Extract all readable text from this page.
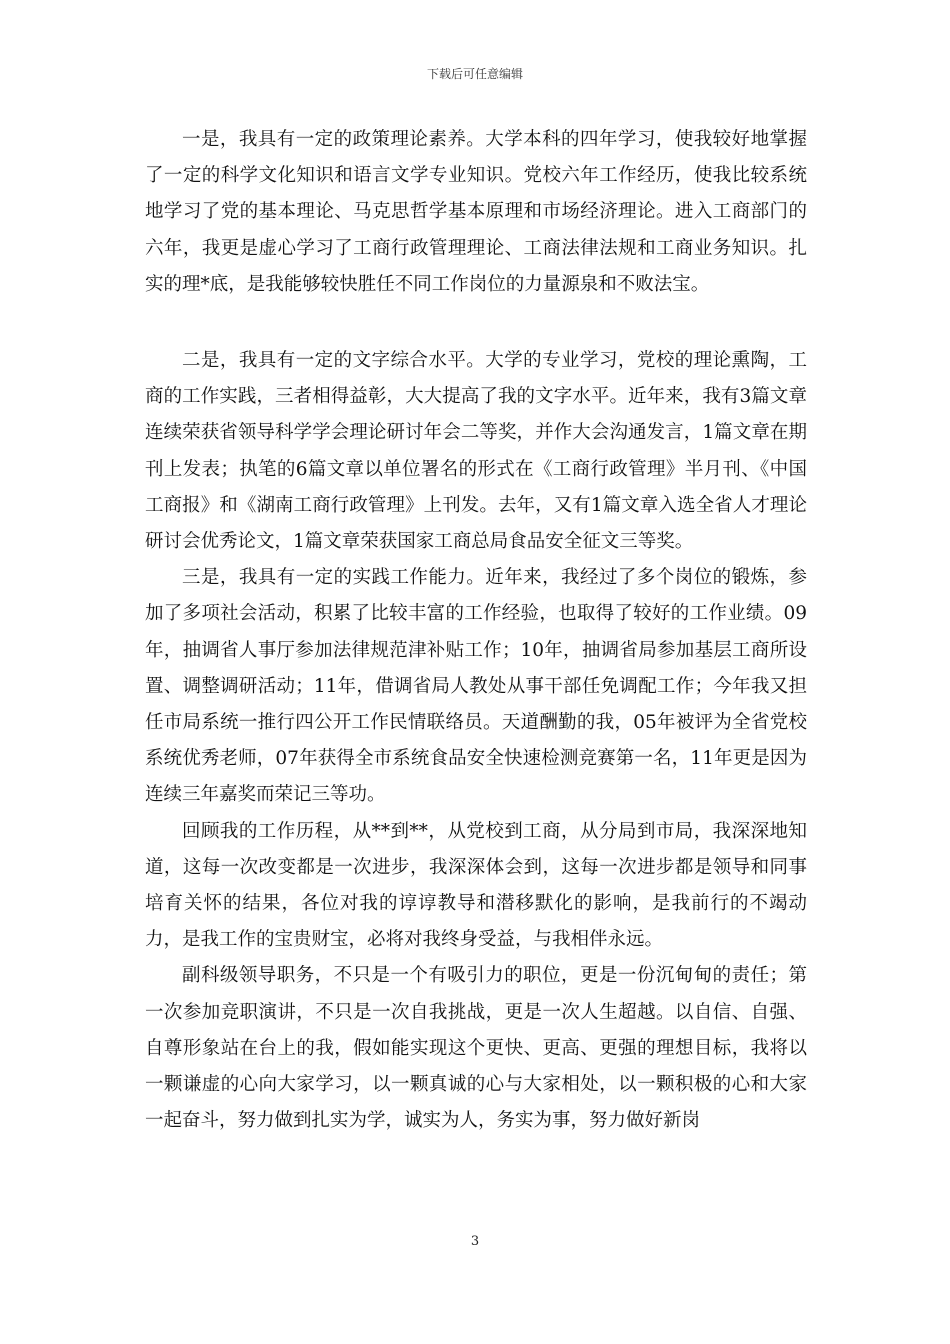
下载后可任意编辑

一是，我具有一定的政策理论素养。大学本科的四年学习，使我较好地掌握了一定的科学文化知识和语言文学专业知识。党校六年工作经历，使我比较系统地学习了党的基本理论、马克思哲学基本原理和市场经济理论。进入工商部门的六年，我更是虚心学习了工商行政管理理论、工商法律法规和工商业务知识。扎实的理*底，是我能够较快胜任不同工作岗位的力量源泉和不败法宝。

二是，我具有一定的文字综合水平。大学的专业学习，党校的理论熏陶，工商的工作实践，三者相得益彰，大大提高了我的文字水平。近年来，我有3篇文章连续荣获省领导科学学会理论研讨年会二等奖，并作大会沟通发言，1篇文章在期刊上发表；执笔的6篇文章以单位署名的形式在《工商行政管理》半月刊、《中国工商报》和《湖南工商行政管理》上刊发。去年，又有1篇文章入选全省人才理论研讨会优秀论文，1篇文章荣获国家工商总局食品安全征文三等奖。

三是，我具有一定的实践工作能力。近年来，我经过了多个岗位的锻炼，参加了多项社会活动，积累了比较丰富的工作经验，也取得了较好的工作业绩。09年，抽调省人事厅参加法律规范津补贴工作；10年，抽调省局参加基层工商所设置、调整调研活动；11年，借调省局人教处从事干部任免调配工作；今年我又担任市局系统一推行四公开工作民情联络员。天道酬勤的我，05年被评为全省党校系统优秀老师，07年获得全市系统食品安全快速检测竞赛第一名，11年更是因为连续三年嘉奖而荣记三等功。

回顾我的工作历程，从**到**，从党校到工商，从分局到市局，我深深地知道，这每一次改变都是一次进步，我深深体会到，这每一次进步都是领导和同事培育关怀的结果，各位对我的谆谆教导和潜移默化的影响，是我前行的不竭动力，是我工作的宝贵财宝，必将对我终身受益，与我相伴永远。

副科级领导职务，不只是一个有吸引力的职位，更是一份沉甸甸的责任；第一次参加竞职演讲，不只是一次自我挑战，更是一次人生超越。以自信、自强、自尊形象站在台上的我，假如能实现这个更快、更高、更强的理想目标，我将以一颗谦虚的心向大家学习，以一颗真诚的心与大家相处，以一颗积极的心和大家一起奋斗，努力做到扎实为学，诚实为人，务实为事，努力做好新岗

3
